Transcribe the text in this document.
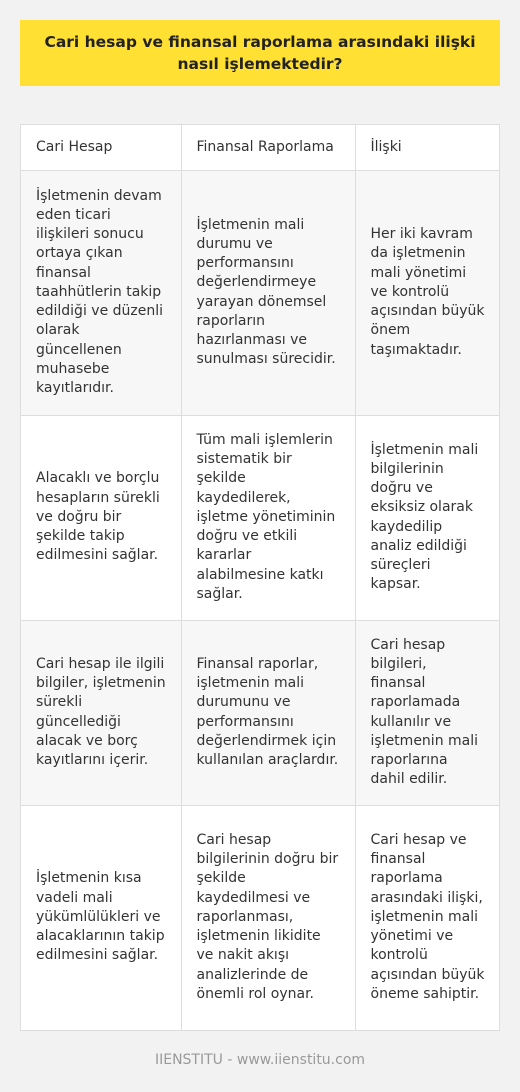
Cari hesap ve finansal raporlama arasındaki ilişki nasıl işlemektedir?
Cari Hesap	Finansal Raporlama	İlişki
İşletmenin devam eden ticari ilişkileri sonucu ortaya çıkan finansal taahhütlerin takip edildiği ve düzenli olarak güncellenen muhasebe kayıtlarıdır.	İşletmenin mali durumu ve performansını değerlendirmeye yarayan dönemsel raporların hazırlanması ve sunulması sürecidir.	Her iki kavram da işletmenin mali yönetimi ve kontrolü açısından büyük önem taşımaktadır.
Alacaklı ve borçlu hesapların sürekli ve doğru bir şekilde takip edilmesini sağlar.	Tüm mali işlemlerin sistematik bir şekilde kaydedilerek, işletme yönetiminin doğru ve etkili kararlar alabilmesine katkı sağlar.	İşletmenin mali bilgilerinin doğru ve eksiksiz olarak kaydedilip analiz edildiği süreçleri kapsar.
Cari hesap ile ilgili bilgiler, işletmenin sürekli güncellediği alacak ve borç kayıtlarını içerir.	Finansal raporlar, işletmenin mali durumunu ve performansını değerlendirmek için kullanılan araçlardır.	Cari hesap bilgileri, finansal raporlamada kullanılır ve işletmenin mali raporlarına dahil edilir.
İşletmenin kısa vadeli mali yükümlülükleri ve alacaklarının takip edilmesini sağlar.	Cari hesap bilgilerinin doğru bir şekilde kaydedilmesi ve raporlanması, işletmenin likidite ve nakit akışı analizlerinde de önemli rol oynar.	Cari hesap ve finansal raporlama arasındaki ilişki, işletmenin mali yönetimi ve kontrolü açısından büyük öneme sahiptir.
IIENSTITU - www.iienstitu.com
